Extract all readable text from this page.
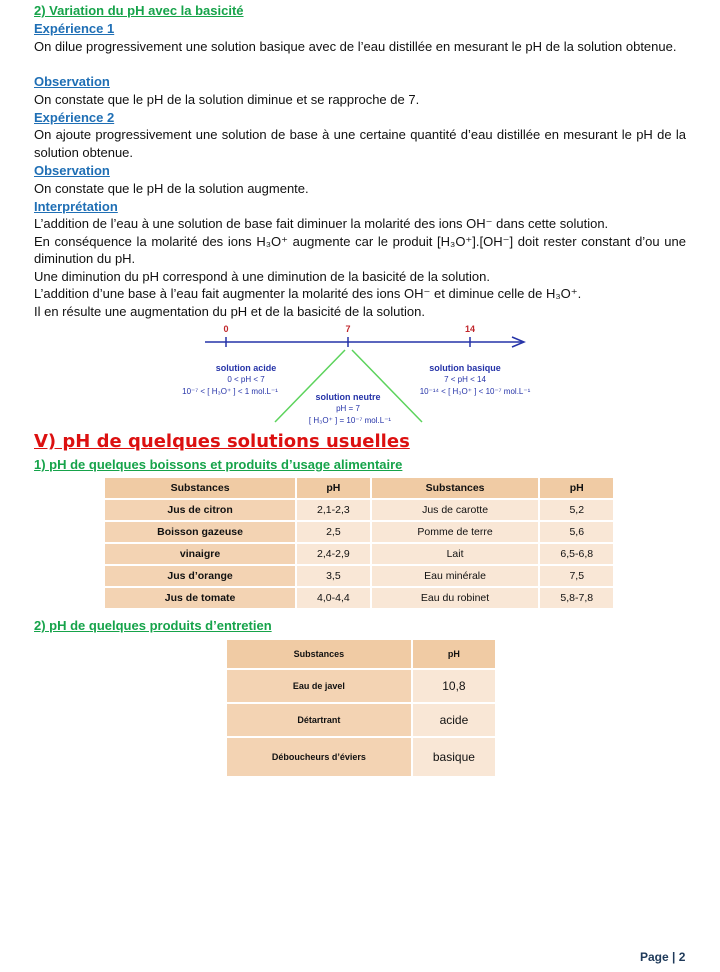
2) Variation du pH avec la basicité
Expérience 1
On dilue progressivement une solution basique avec de l’eau distillée en mesurant le pH de la solution obtenue.
Observation
On constate que le pH de la solution diminue et se rapproche de 7.
Expérience 2
On ajoute progressivement une solution de base à une certaine quantité d’eau distillée en mesurant le pH de la solution obtenue.
Observation
On constate que le pH de la solution augmente.
Interprétation
L’addition de l’eau à une solution de base fait diminuer la molarité des ions OH⁻ dans cette solution.
En conséquence la molarité des ions H₃O⁺ augmente car le produit [H₃O⁺].[OH⁻] doit rester constant d’ou une diminution du pH.
Une diminution du pH correspond à une diminution de la basicité de la solution.
L’addition d’une base à l’eau fait augmenter la molarité des ions OH⁻ et diminue celle de H₃O⁺.
Il en résulte une augmentation du pH et de la basicité de la solution.
0	7	14
solution acide
0 < pH < 7
10⁻⁷ < [ H₃O⁺ ] < 1 mol.L⁻¹
solution neutre
pH = 7
[ H₃O⁺ ] = 10⁻⁷ mol.L⁻¹
solution basique
7 < pH < 14
10⁻¹⁴ < [ H₃O⁺ ] < 10⁻⁷ mol.L⁻¹
V) pH de quelques solutions usuelles
1) pH de quelques boissons et produits d’usage alimentaire
Substances	pH	Substances	pH
Jus de citron	2,1-2,3	Jus de carotte	5,2
Boisson gazeuse	2,5	Pomme de terre	5,6
vinaigre	2,4-2,9	Lait	6,5-6,8
Jus d’orange	3,5	Eau minérale	7,5
Jus de tomate	4,0-4,4	Eau du robinet	5,8-7,8
2) pH de quelques produits d’entretien
Substances	pH
Eau de javel	10,8
Détartrant	acide
Déboucheurs d’éviers	basique
Page | 2
